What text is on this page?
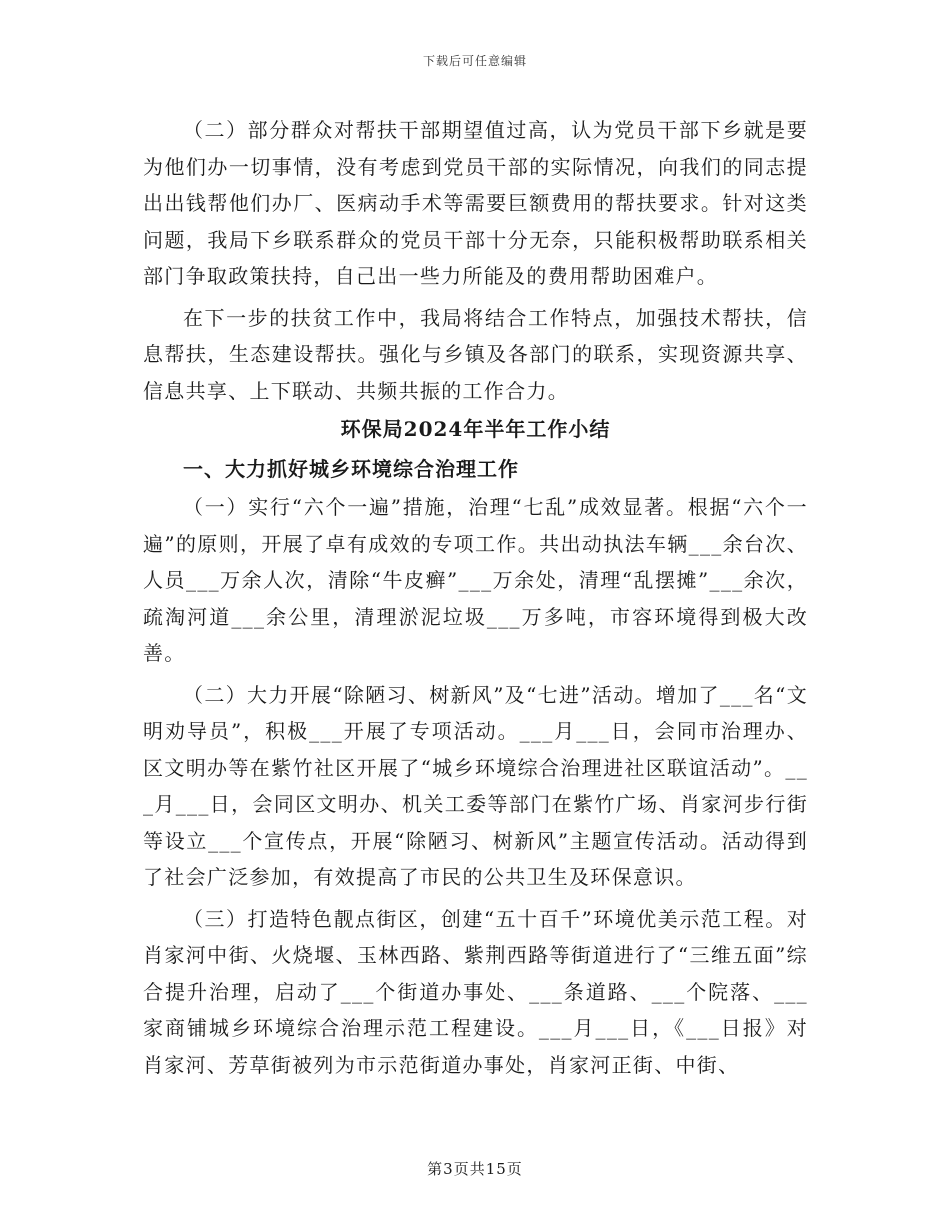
下载后可任意编辑

（二）部分群众对帮扶干部期望值过高，认为党员干部下乡就是要为他们办一切事情，没有考虑到党员干部的实际情况，向我们的同志提出出钱帮他们办厂、医病动手术等需要巨额费用的帮扶要求。针对这类问题，我局下乡联系群众的党员干部十分无奈，只能积极帮助联系相关部门争取政策扶持，自己出一些力所能及的费用帮助困难户。

在下一步的扶贫工作中，我局将结合工作特点，加强技术帮扶，信息帮扶，生态建设帮扶。强化与乡镇及各部门的联系，实现资源共享、信息共享、上下联动、共频共振的工作合力。

环保局2024年半年工作小结

一、大力抓好城乡环境综合治理工作

（一）实行“六个一遍”措施，治理“七乱”成效显著。根据“六个一遍”的原则，开展了卓有成效的专项工作。共出动执法车辆___余台次、人员___万余人次，清除“牛皮癣”___万余处，清理“乱摆摊”___余次，疏淘河道___余公里，清理淤泥垃圾___万多吨，市容环境得到极大改善。

（二）大力开展“除陋习、树新风”及“七进”活动。增加了___名“文明劝导员”，积极___开展了专项活动。___月___日，会同市治理办、区文明办等在紫竹社区开展了“城乡环境综合治理进社区联谊活动”。___月___日，会同区文明办、机关工委等部门在紫竹广场、肖家河步行街等设立___个宣传点，开展“除陋习、树新风”主题宣传活动。活动得到了社会广泛参加，有效提高了市民的公共卫生及环保意识。

（三）打造特色靓点街区，创建“五十百千”环境优美示范工程。对肖家河中街、火烧堰、玉林西路、紫荆西路等街道进行了“三维五面”综合提升治理，启动了___个街道办事处、___条道路、___个院落、___家商铺城乡环境综合治理示范工程建设。___月___日，《___日报》对肖家河、芳草街被列为市示范街道办事处，肖家河正街、中街、

第3页共15页
